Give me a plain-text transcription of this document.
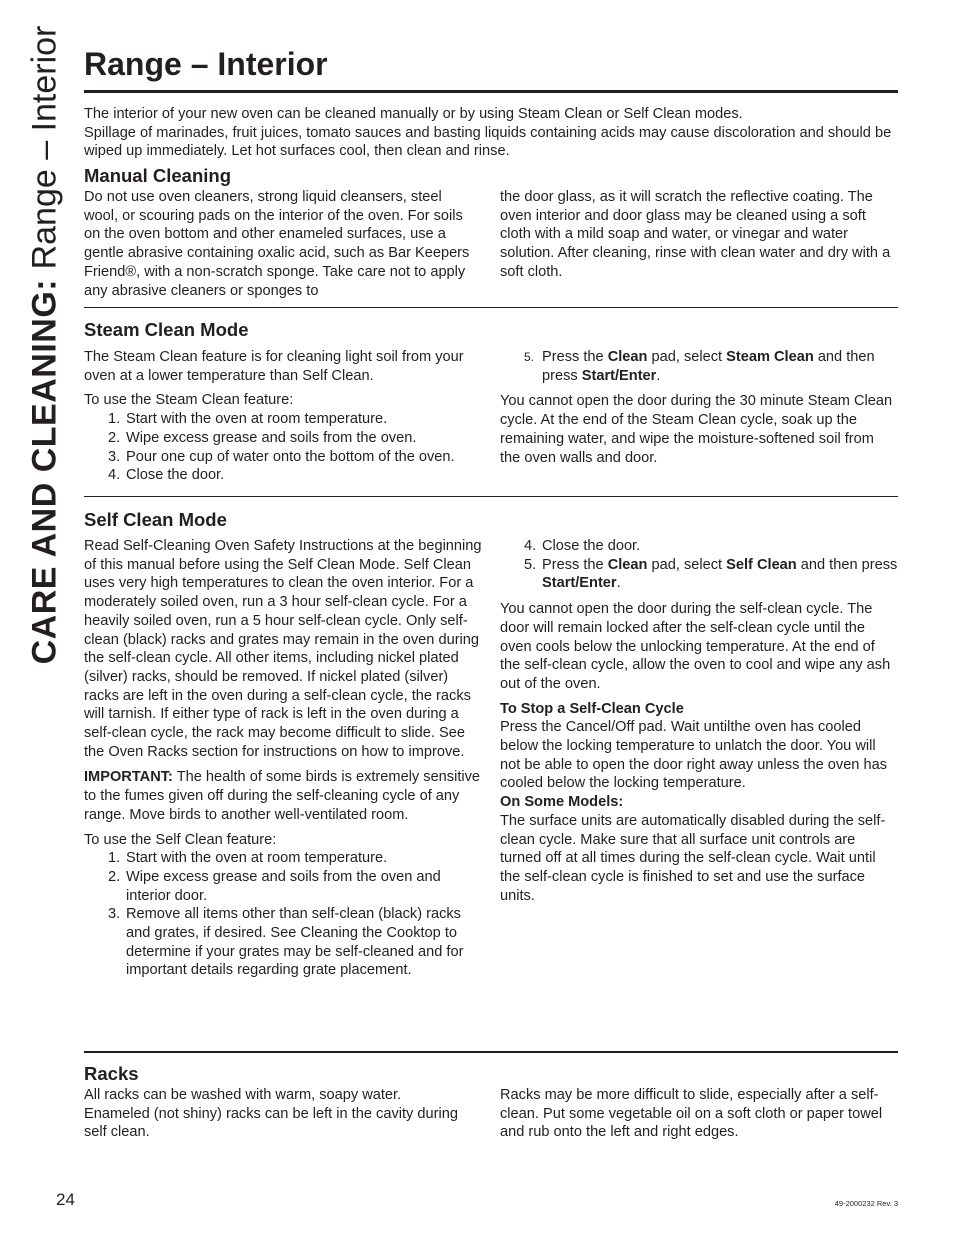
CARE AND CLEANING: Range – Interior Range – Interior

The interior of your new oven can be cleaned manually or by using Steam Clean or Self Clean modes.

Spillage of marinades, fruit juices, tomato sauces and basting liquids containing acids may cause discoloration and should be wiped up immediately. Let hot surfaces cool, then clean and rinse.

Manual Cleaning
Do not use oven cleaners, strong liquid cleansers, steel wool, or scouring pads on the interior of the oven. For soils on the oven bottom and other enameled surfaces, use a gentle abrasive containing oxalic acid, such as Bar Keepers Friend®, with a non-scratch sponge. Take care not to apply any abrasive cleaners or sponges to
the door glass, as it will scratch the reflective coating. The oven interior and door glass may be cleaned using a soft cloth with a mild soap and water, or vinegar and water solution. After cleaning, rinse with clean water and dry with a soft cloth.
Steam Clean Mode

The Steam Clean feature is for cleaning light soil from your oven at a lower temperature than Self Clean.

To use the Steam Clean feature:

1. Start with the oven at room temperature.
2. Wipe excess grease and soils from the oven.
3. Pour one cup of water onto the bottom of the oven.
4. Close the door.
5. Press the Clean pad, select Steam Clean and then press Start/Enter.

You cannot open the door during the 30 minute Steam Clean cycle. At the end of the Steam Clean cycle, soak up the remaining water, and wipe the moisture-softened soil from the oven walls and door.

Self Clean Mode

Read Self-Cleaning Oven Safety Instructions at the beginning of this manual before using the Self Clean Mode. Self Clean uses very high temperatures to clean the oven interior. For a moderately soiled oven, run a 3 hour self-clean cycle. For a heavily soiled oven, run a 5 hour self-clean cycle. Only self-clean (black) racks and grates may remain in the oven during the self-clean cycle. All other items, including nickel plated (silver) racks, should be removed. If nickel plated (silver) racks are left in the oven during a self-clean cycle, the racks will tarnish. If either type of rack is left in the oven during a self-clean cycle, the rack may become difficult to slide. See the Oven Racks section for instructions on how to improve.

IMPORTANT: The health of some birds is extremely sensitive to the fumes given off during the self-cleaning cycle of any range. Move birds to another well-ventilated room.

To use the Self Clean feature:

1. Start with the oven at room temperature.
2. Wipe excess grease and soils from the oven and interior door.
3. Remove all items other than self-clean (black) racks and grates, if desired. See Cleaning the Cooktop to determine if your grates may be self-cleaned and for important details regarding grate placement.
4. Close the door.
5. Press the Clean pad, select Self Clean and then press Start/Enter.

You cannot open the door during the self-clean cycle. The door will remain locked after the self-clean cycle until the oven cools below the unlocking temperature. At the end of the self-clean cycle, allow the oven to cool and wipe any ash out of the oven.

To Stop a Self-Clean Cycle

Press the Cancel/Off pad. Wait untilthe oven has cooled below the locking temperature to unlatch the door. You will not be able to open the door right away unless the oven has cooled below the locking temperature.

On Some Models:

The surface units are automatically disabled during the self-clean cycle. Make sure that all surface unit controls are turned off at all times during the self-clean cycle. Wait until the self-clean cycle is finished to set and use the surface units.

Racks
All racks can be washed with warm, soapy water. Enameled (not shiny) racks can be left in the cavity during self clean.
Racks may be more difficult to slide, especially after a self-clean. Put some vegetable oil on a soft cloth or paper towel and rub onto the left and right edges.
24	49-2000232 Rev. 3
